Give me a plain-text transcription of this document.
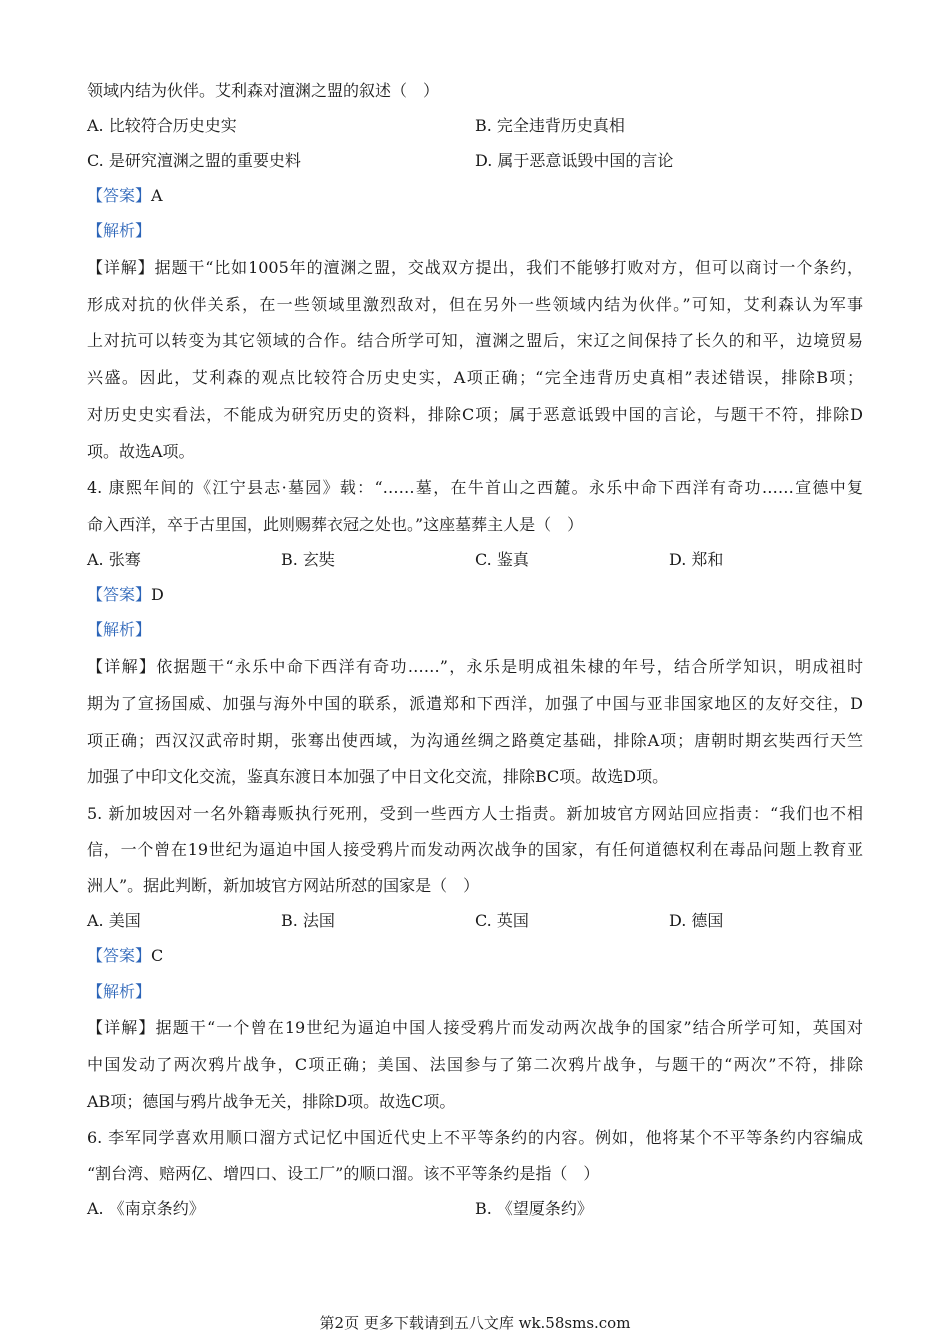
领域内结为伙伴。艾利森对澶渊之盟的叙述（　）
A. 比较符合历史史实	B. 完全违背历史真相
C. 是研究澶渊之盟的重要史料	D. 属于恶意诋毁中国的言论
【答案】A
【解析】
【详解】据题干“比如1005年的澶渊之盟，交战双方提出，我们不能够打败对方，但可以商讨一个条约，
形成对抗的伙伴关系，在一些领域里激烈敌对，但在另外一些领域内结为伙伴。”可知，艾利森认为军事
上对抗可以转变为其它领域的合作。结合所学可知，澶渊之盟后，宋辽之间保持了长久的和平，边境贸易
兴盛。因此，艾利森的观点比较符合历史史实，A项正确；“完全违背历史真相”表述错误，排除B项；
对历史史实看法，不能成为研究历史的资料，排除C项；属于恶意诋毁中国的言论，与题干不符，排除D
项。故选A项。
4. 康熙年间的《江宁县志·墓园》载：“……墓，在牛首山之西麓。永乐中命下西洋有奇功……宣德中复
命入西洋，卒于古里国，此则赐葬衣冠之处也。”这座墓葬主人是（　）
A. 张骞	B. 玄奘	C. 鉴真	D. 郑和
【答案】D
【解析】
【详解】依据题干“永乐中命下西洋有奇功……”，永乐是明成祖朱棣的年号，结合所学知识，明成祖时
期为了宣扬国威、加强与海外中国的联系，派遣郑和下西洋，加强了中国与亚非国家地区的友好交往，D
项正确；西汉汉武帝时期，张骞出使西域，为沟通丝绸之路奠定基础，排除A项；唐朝时期玄奘西行天竺
加强了中印文化交流，鉴真东渡日本加强了中日文化交流，排除BC项。故选D项。
5. 新加坡因对一名外籍毒贩执行死刑，受到一些西方人士指责。新加坡官方网站回应指责：“我们也不相
信，一个曾在19世纪为逼迫中国人接受鸦片而发动两次战争的国家，有任何道德权利在毒品问题上教育亚
洲人”。据此判断，新加坡官方网站所怼的国家是（　）
A. 美国	B. 法国	C. 英国	D. 德国
【答案】C
【解析】
【详解】据题干“一个曾在19世纪为逼迫中国人接受鸦片而发动两次战争的国家”结合所学可知，英国对
中国发动了两次鸦片战争，C项正确；美国、法国参与了第二次鸦片战争，与题干的“两次”不符，排除
AB项；德国与鸦片战争无关，排除D项。故选C项。
6. 李军同学喜欢用顺口溜方式记忆中国近代史上不平等条约的内容。例如，他将某个不平等条约内容编成
“割台湾、赔两亿、增四口、设工厂”的顺口溜。该不平等条约是指（　）
A. 《南京条约》	B. 《望厦条约》
第2页 更多下载请到五八文库 wk.58sms.com
